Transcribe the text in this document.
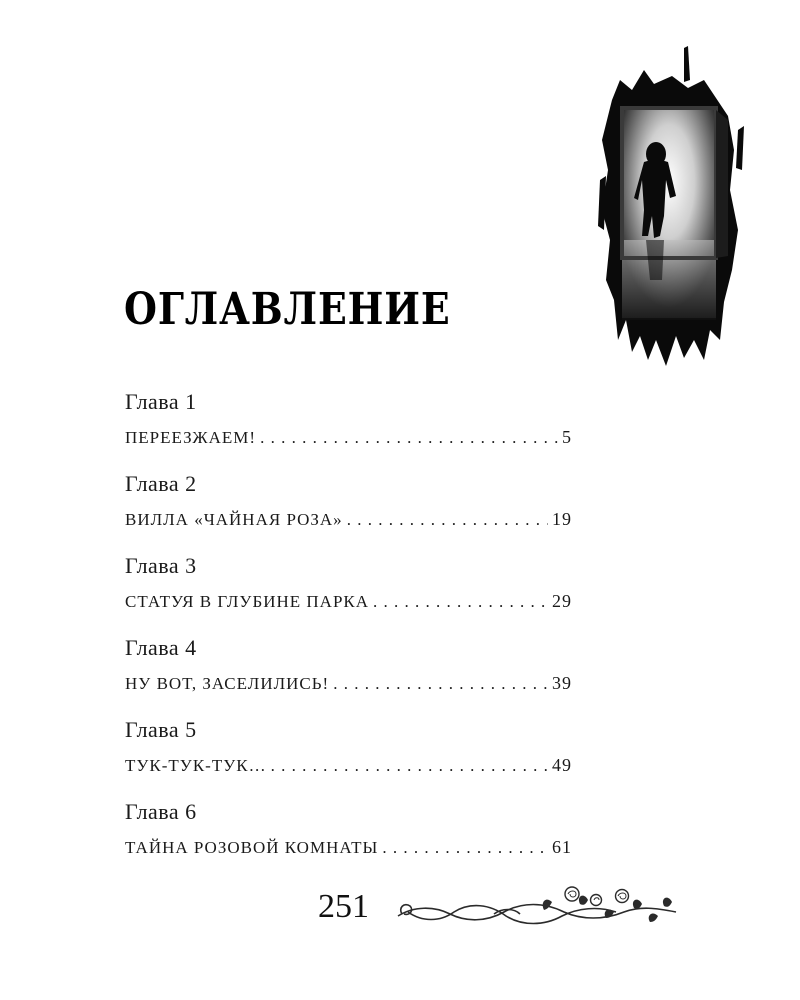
ОГЛАВЛЕНИЕ
Глава 1
ПЕРЕЕЗЖАЕМ! . . .	5
Глава 2
ВИЛЛА «ЧАЙНАЯ РОЗА» . . .	19
Глава 3
СТАТУЯ В ГЛУБИНЕ ПАРКА . . .	29
Глава 4
НУ ВОТ, ЗАСЕЛИЛИСЬ! . . .	39
Глава 5
ТУК-ТУК-ТУК… . . .	49
Глава 6
ТАЙНА РОЗОВОЙ КОМНАТЫ . . .	61
251
